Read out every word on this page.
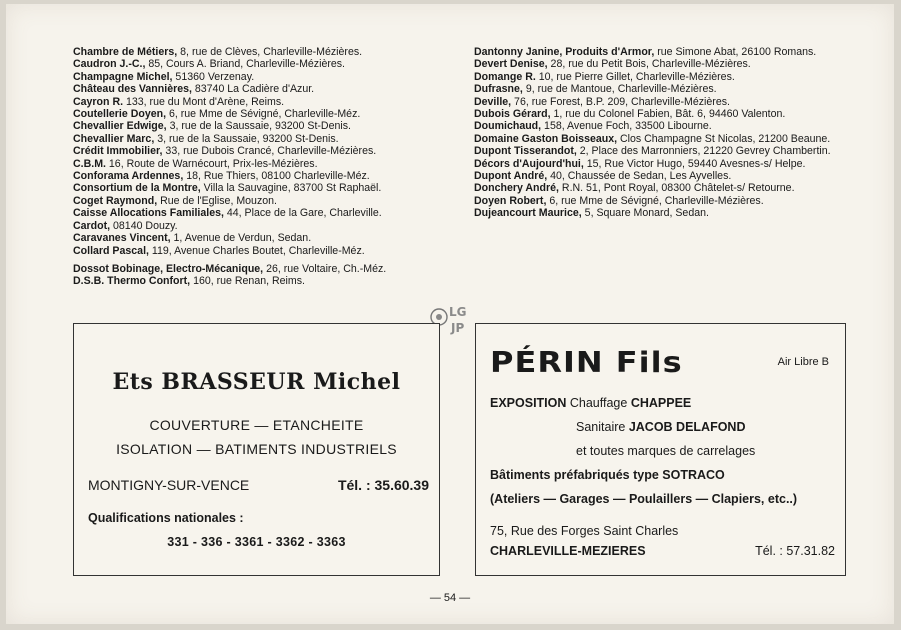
Chambre de Métiers, 8, rue de Clèves, Charleville-Mézières.

Caudron J.-C., 85, Cours A. Briand, Charleville-Mézières.

Champagne Michel, 51360 Verzenay.

Château des Vannières, 83740 La Cadière d'Azur.

Cayron R. 133, rue du Mont d'Arène, Reims.

Coutellerie Doyen, 6, rue Mme de Sévigné, Charleville-Méz.

Chevallier Edwige, 3, rue de la Saussaie, 93200 St-Denis.

Chevallier Marc, 3, rue de la Saussaie, 93200 St-Denis.

Crédit Immobilier, 33, rue Dubois Crancé, Charleville-Mézières.

C.B.M. 16, Route de Warnécourt, Prix-les-Mézières.

Conforama Ardennes, 18, Rue Thiers, 08100 Charleville-Méz.

Consortium de la Montre, Villa la Sauvagine, 83700 St Raphaël.

Coget Raymond, Rue de l'Eglise, Mouzon.

Caisse Allocations Familiales, 44, Place de la Gare, Charleville.

Cardot, 08140 Douzy.

Caravanes Vincent, 1, Avenue de Verdun, Sedan.

Collard Pascal, 119, Avenue Charles Boutet, Charleville-Méz.

Dossot Bobinage, Electro-Mécanique, 26, rue Voltaire, Ch.-Méz.

D.S.B. Thermo Confort, 160, rue Renan, Reims.

Dantonny Janine, Produits d'Armor, rue Simone Abat, 26100 Romans.

Devert Denise, 28, rue du Petit Bois, Charleville-Mézières.

Domange R. 10, rue Pierre Gillet, Charleville-Mézières.

Dufrasne, 9, rue de Mantoue, Charleville-Mézières.

Deville, 76, rue Forest, B.P. 209, Charleville-Mézières.

Dubois Gérard, 1, rue du Colonel Fabien, Bât. 6, 94460 Valenton.

Doumichaud, 158, Avenue Foch, 33500 Libourne.

Domaine Gaston Boisseaux, Clos Champagne St Nicolas, 21200 Beaune.

Dupont Tisserandot, 2, Place des Marronniers, 21220 Gevrey Chambertin.

Décors d'Aujourd'hui, 15, Rue Victor Hugo, 59440 Avesnes-s/ Helpe.

Dupont André, 40, Chaussée de Sedan, Les Ayvelles.

Donchery André, R.N. 51, Pont Royal, 08300 Châtelet-s/ Retourne.

Doyen Robert, 6, rue Mme de Sévigné, Charleville-Mézières.

Dujeancourt Maurice, 5, Square Monard, Sedan.

LG
JP
Ets BRASSEUR Michel
COUVERTURE — ETANCHEITE
ISOLATION — BATIMENTS INDUSTRIELS
MONTIGNY-SUR-VENCE	Tél. : 35.60.39
Qualifications nationales :
331 - 336 - 3361 - 3362 - 3363
PÉRIN Fils	Air Libre B
EXPOSITION Chauffage CHAPPEE
Sanitaire JACOB DELAFOND
et toutes marques de carrelages
Bâtiments préfabriqués type SOTRACO
(Ateliers — Garages — Poulaillers — Clapiers, etc..)
75, Rue des Forges Saint Charles
CHARLEVILLE-MEZIERES	Tél. : 57.31.82
— 54 —
